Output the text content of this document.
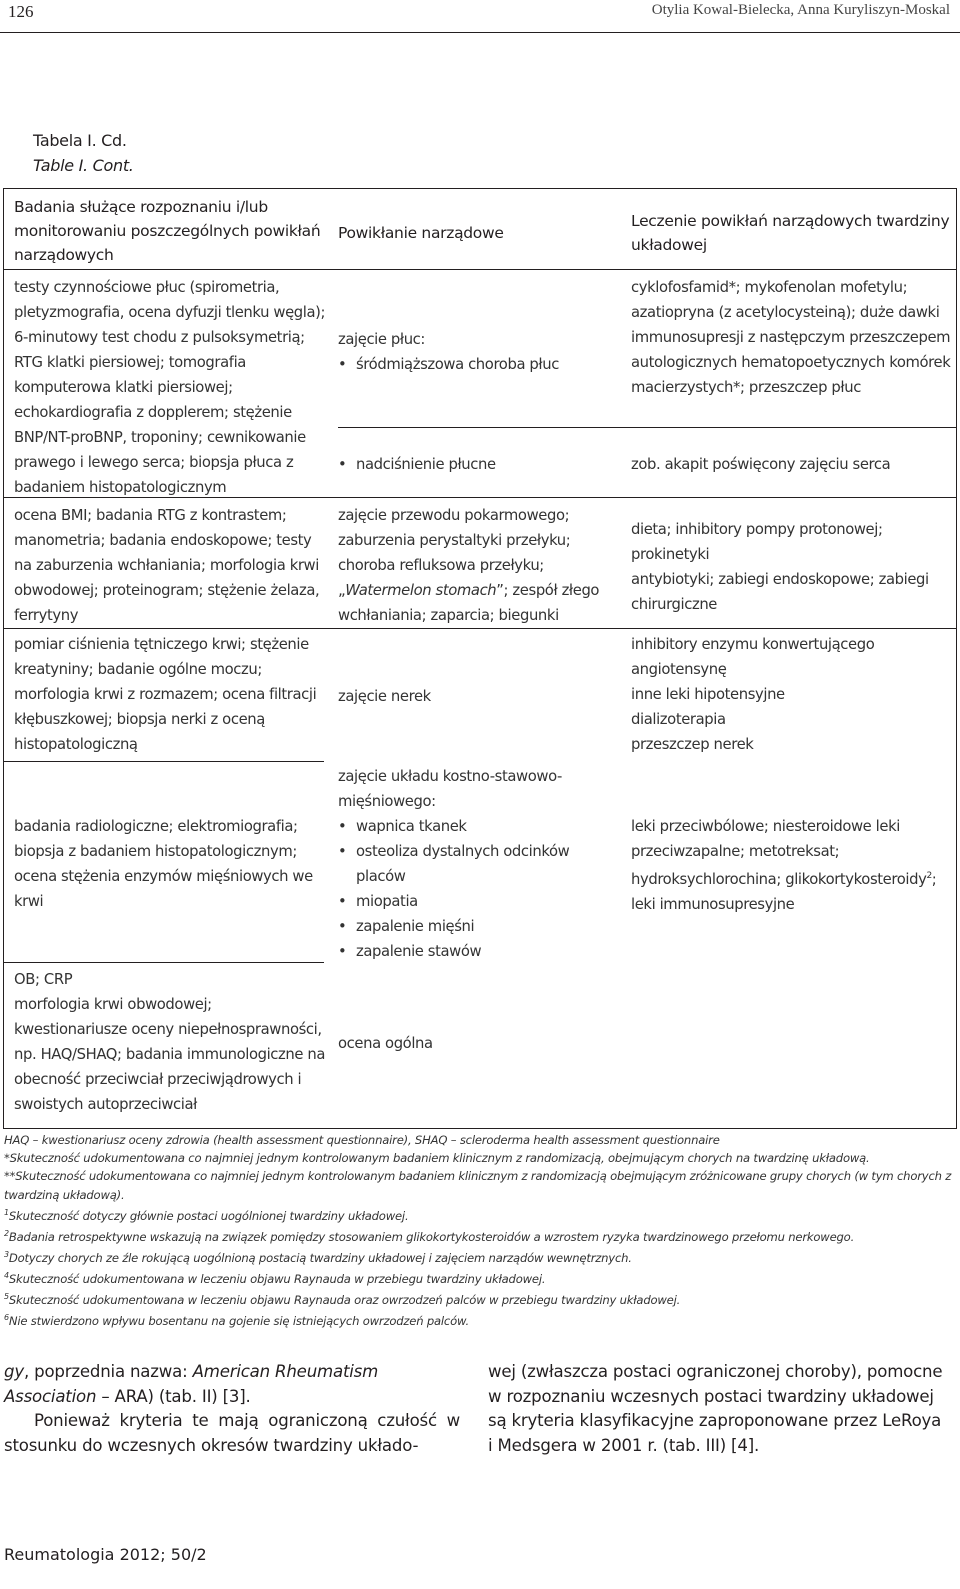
126	Otylia Kowal-Bielecka, Anna Kuryliszyn-Moskal
Tabela I. Cd.
Table I. Cont.
Badania służące rozpoznaniu i/lub monitorowaniu poszczególnych powikłań narządowych
Powikłanie narządowe
Leczenie powikłań narządowych twardziny układowej
testy czynnościowe płuc (spirometria, pletyzmografia, ocena dyfuzji tlenku węgla); 6-minutowy test chodu z pulsoksymetrią; RTG klatki piersiowej; tomografia komputerowa klatki piersiowej; echokardiografia z dopplerem; stężenie BNP/NT-proBNP, troponiny; cewnikowanie prawego i lewego serca; biopsja płuca z badaniem histopatologicznym
zajęcie płuc:
• śródmiąższowa choroba płuc
cyklofosfamid*; mykofenolan mofetylu; azatiopryna (z acetylocysteiną); duże dawki immunosupresji z następczym przeszczepem autologicznych hematopoetycznych komórek macierzystych*; przeszczep płuc
• nadciśnienie płucne	zob. akapit poświęcony zajęciu serca
ocena BMI; badania RTG z kontrastem; manometria; badania endoskopowe; testy na zaburzenia wchłaniania; morfologia krwi obwodowej; proteinogram; stężenie żelaza, ferrytyny
zajęcie przewodu pokarmowego; zaburzenia perystaltyki przełyku; choroba refluksowa przełyku; „Watermelon stomach”; zespół złego wchłaniania; zaparcia; biegunki
dieta; inhibitory pompy protonowej; prokinetyki
antybiotyki; zabiegi endoskopowe; zabiegi chirurgiczne
pomiar ciśnienia tętniczego krwi; stężenie kreatyniny; badanie ogólne moczu; morfologia krwi z rozmazem; ocena filtracji kłębuszkowej; biopsja nerki z oceną histopatologiczną
zajęcie nerek
inhibitory enzymu konwertującego angiotensynę
inne leki hipotensyjne
dializoterapia
przeszczep nerek
badania radiologiczne; elektromiografia; biopsja z badaniem histopatologicznym; ocena stężenia enzymów mięśniowych we krwi
zajęcie układu kostno-stawowo-mięśniowego:
• wapnica tkanek
• osteoliza dystalnych odcinków placów
• miopatia
• zapalenie mięśni
• zapalenie stawów
leki przeciwbólowe; niesteroidowe leki przeciwzapalne; metotreksat; hydroksychlorochina; glikokortykosteroidy$^2$; leki immunosupresyjne
OB; CRP
morfologia krwi obwodowej; kwestionariusze oceny niepełnosprawności, np. HAQ/SHAQ; badania immunologiczne na obecność przeciwciał przeciwjądrowych i swoistych autoprzeciwciał
ocena ogólna
HAQ – kwestionariusz oceny zdrowia (health assessment questionnaire), SHAQ – scleroderma health assessment questionnaire
*Skuteczność udokumentowana co najmniej jednym kontrolowanym badaniem klinicznym z randomizacją, obejmującym chorych na twardzinę układową.
**Skuteczność udokumentowana co najmniej jednym kontrolowanym badaniem klinicznym z randomizacją obejmującym zróżnicowane grupy chorych (w tym chorych z twardziną układową).
$^1$Skuteczność dotyczy głównie postaci uogólnionej twardziny układowej.
$^2$Badania retrospektywne wskazują na związek pomiędzy stosowaniem glikokortykosteroidów a wzrostem ryzyka twardzinowego przełomu nerkowego.
$^3$Dotyczy chorych ze źle rokującą uogólnioną postacią twardziny układowej i zajęciem narządów wewnętrznych.
$^4$Skuteczność udokumentowana w leczeniu objawu Raynauda w przebiegu twardziny układowej.
$^5$Skuteczność udokumentowana w leczeniu objawu Raynauda oraz owrzodzeń palców w przebiegu twardziny układowej.
$^6$Nie stwierdzono wpływu bosentanu na gojenie się istniejących owrzodzeń palców.
gy, poprzednia nazwa: American Rheumatism Association – ARA) (tab. II) [3].
Ponieważ kryteria te mają ograniczoną czułość w stosunku do wczesnych okresów twardziny układo-
wej (zwłaszcza postaci ograniczonej choroby), pomocne w rozpoznaniu wczesnych postaci twardziny układowej są kryteria klasyfikacyjne zaproponowane przez LeRoya i Medsgera w 2001 r. (tab. III) [4].
Reumatologia 2012; 50/2
